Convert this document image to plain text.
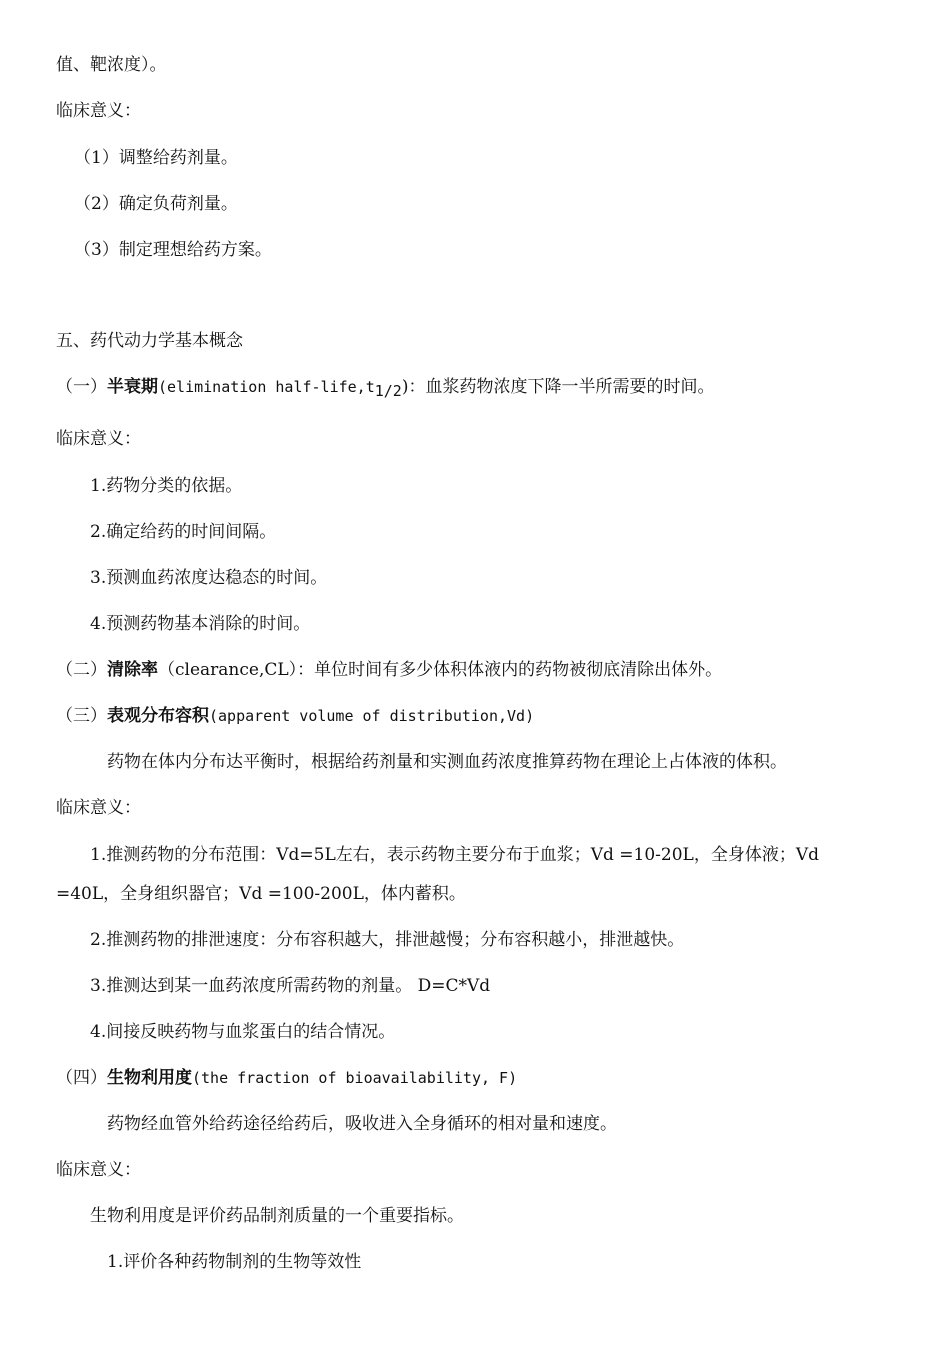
值、靶浓度）。
临床意义：
（1）调整给药剂量。
（2）确定负荷剂量。
（3）制定理想给药方案。
五、药代动力学基本概念
（一）半衰期(elimination half-$life,t_{1/2}$)：血浆药物浓度下降一半所需要的时间。
临床意义：
1.药物分类的依据。
2.确定给药的时间间隔。
3.预测血药浓度达稳态的时间。
4.预测药物基本消除的时间。
（二）清除率（clearance,CL）：单位时间有多少体积体液内的药物被彻底清除出体外。
（三）表观分布容积(apparent volume of distribution,Vd)
药物在体内分布达平衡时，根据给药剂量和实测血药浓度推算药物在理论上占体液的体积。
临床意义：
1.推测药物的分布范围：Vd=5L左右，表示药物主要分布于血浆；Vd =10-20L，全身体液；Vd
=40L，全身组织器官；Vd =100-200L，体内蓄积。
2.推测药物的排泄速度：分布容积越大，排泄越慢；分布容积越小，排泄越快。
3.推测达到某一血药浓度所需药物的剂量。 D=C*Vd
4.间接反映药物与血浆蛋白的结合情况。
（四）生物利用度(the fraction of bioavailability, F)
药物经血管外给药途径给药后，吸收进入全身循环的相对量和速度。
临床意义：
生物利用度是评价药品制剂质量的一个重要指标。
1.评价各种药物制剂的生物等效性
